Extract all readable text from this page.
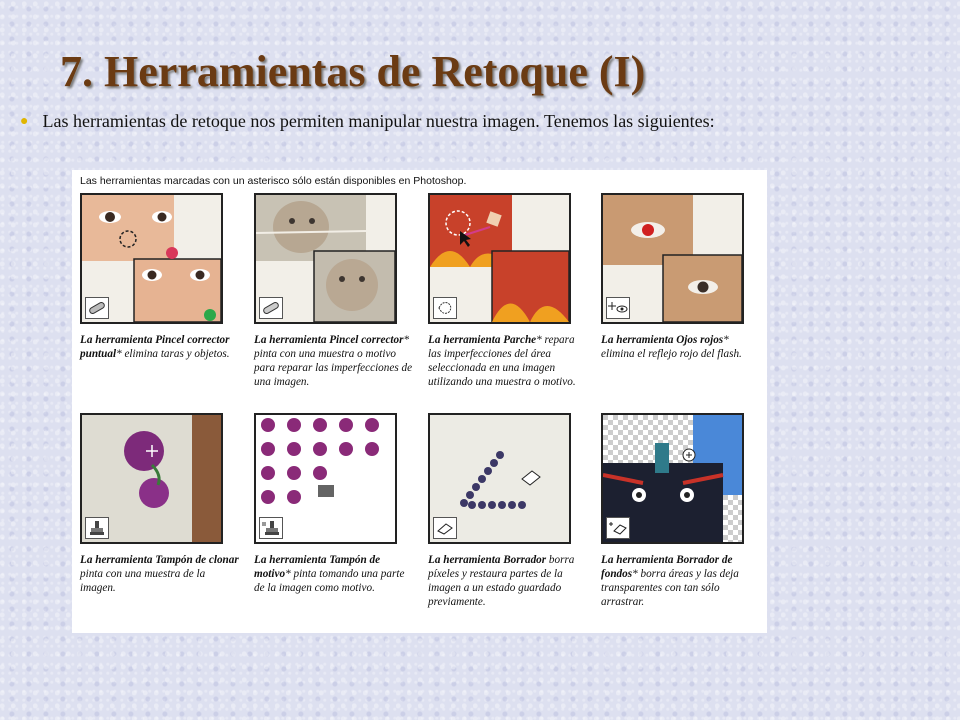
7. Herramientas de Retoque (I)
● Las herramientas de retoque nos permiten manipular nuestra imagen. Tenemos las siguientes:
Las herramientas marcadas con un asterisco sólo están disponibles en Photoshop.
La herramienta Pincel corrector puntual* elimina taras y objetos.
La herramienta Pincel corrector* pinta con una muestra o motivo para reparar las imperfecciones de una imagen.
La herramienta Parche* repara las imperfecciones del área seleccionada en una imagen utilizando una muestra o motivo.
La herramienta Ojos rojos* elimina el reflejo rojo del flash.
La herramienta Tampón de clonar pinta con una muestra de la imagen.
La herramienta Tampón de motivo* pinta tomando una parte de la imagen como motivo.
La herramienta Borrador borra píxeles y restaura partes de la imagen a un estado guardado previamente.
La herramienta Borrador de fondos* borra áreas y las deja transparentes con tan sólo arrastrar.
